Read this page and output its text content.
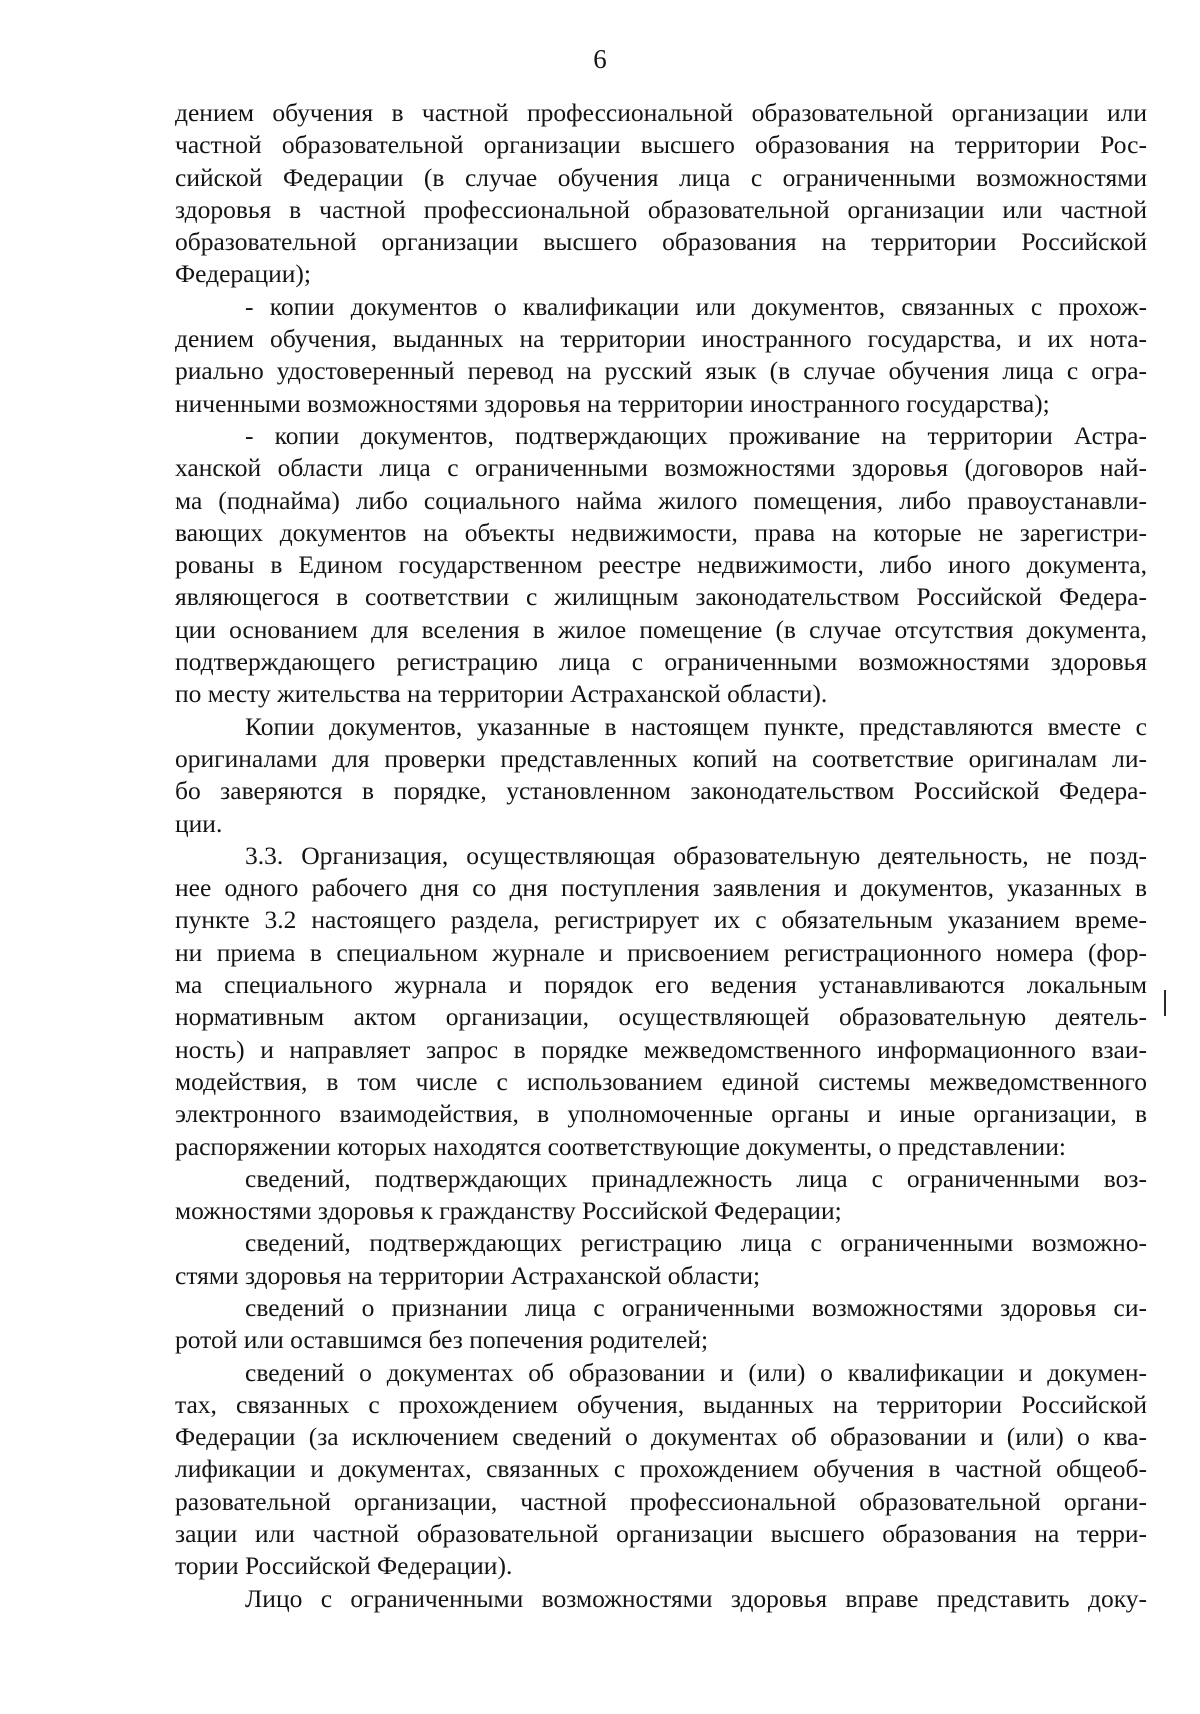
6
дением обучения в частной профессиональной образовательной организации или
частной образовательной организации высшего образования на территории Рос-
сийской Федерации (в случае обучения лица с ограниченными возможностями
здоровья в частной профессиональной образовательной организации или частной
образовательной организации высшего образования на территории Российской
Федерации);
- копии документов о квалификации или документов, связанных с прохож-
дением обучения, выданных на территории иностранного государства, и их нота-
риально удостоверенный перевод на русский язык (в случае обучения лица с огра-
ниченными возможностями здоровья на территории иностранного государства);
- копии документов, подтверждающих проживание на территории Астра-
ханской области лица с ограниченными возможностями здоровья (договоров най-
ма (поднайма) либо социального найма жилого помещения, либо правоустанавли-
вающих документов на объекты недвижимости, права на которые не зарегистри-
рованы в Едином государственном реестре недвижимости, либо иного документа,
являющегося в соответствии с жилищным законодательством Российской Федера-
ции основанием для вселения в жилое помещение (в случае отсутствия документа,
подтверждающего регистрацию лица с ограниченными возможностями здоровья
по месту жительства на территории Астраханской области).
Копии документов, указанные в настоящем пункте, представляются вместе с
оригиналами для проверки представленных копий на соответствие оригиналам ли-
бо заверяются в порядке, установленном законодательством Российской Федера-
ции.
3.3. Организация, осуществляющая образовательную деятельность, не позд-
нее одного рабочего дня со дня поступления заявления и документов, указанных в
пункте 3.2 настоящего раздела, регистрирует их с обязательным указанием време-
ни приема в специальном журнале и присвоением регистрационного номера (фор-
ма специального журнала и порядок его ведения устанавливаются локальным
нормативным актом организации, осуществляющей образовательную деятель-
ность) и направляет запрос в порядке межведомственного информационного взаи-
модействия, в том числе с использованием единой системы межведомственного
электронного взаимодействия, в уполномоченные органы и иные организации, в
распоряжении которых находятся соответствующие документы, о представлении:
сведений, подтверждающих принадлежность лица с ограниченными воз-
можностями здоровья к гражданству Российской Федерации;
сведений, подтверждающих регистрацию лица с ограниченными возможно-
стями здоровья на территории Астраханской области;
сведений о признании лица с ограниченными возможностями здоровья си-
ротой или оставшимся без попечения родителей;
сведений о документах об образовании и (или) о квалификации и докумен-
тах, связанных с прохождением обучения, выданных на территории Российской
Федерации (за исключением сведений о документах об образовании и (или) о ква-
лификации и документах, связанных с прохождением обучения в частной общеоб-
разовательной организации, частной профессиональной образовательной органи-
зации или частной образовательной организации высшего образования на терри-
тории Российской Федерации).
Лицо с ограниченными возможностями здоровья вправе представить доку-
